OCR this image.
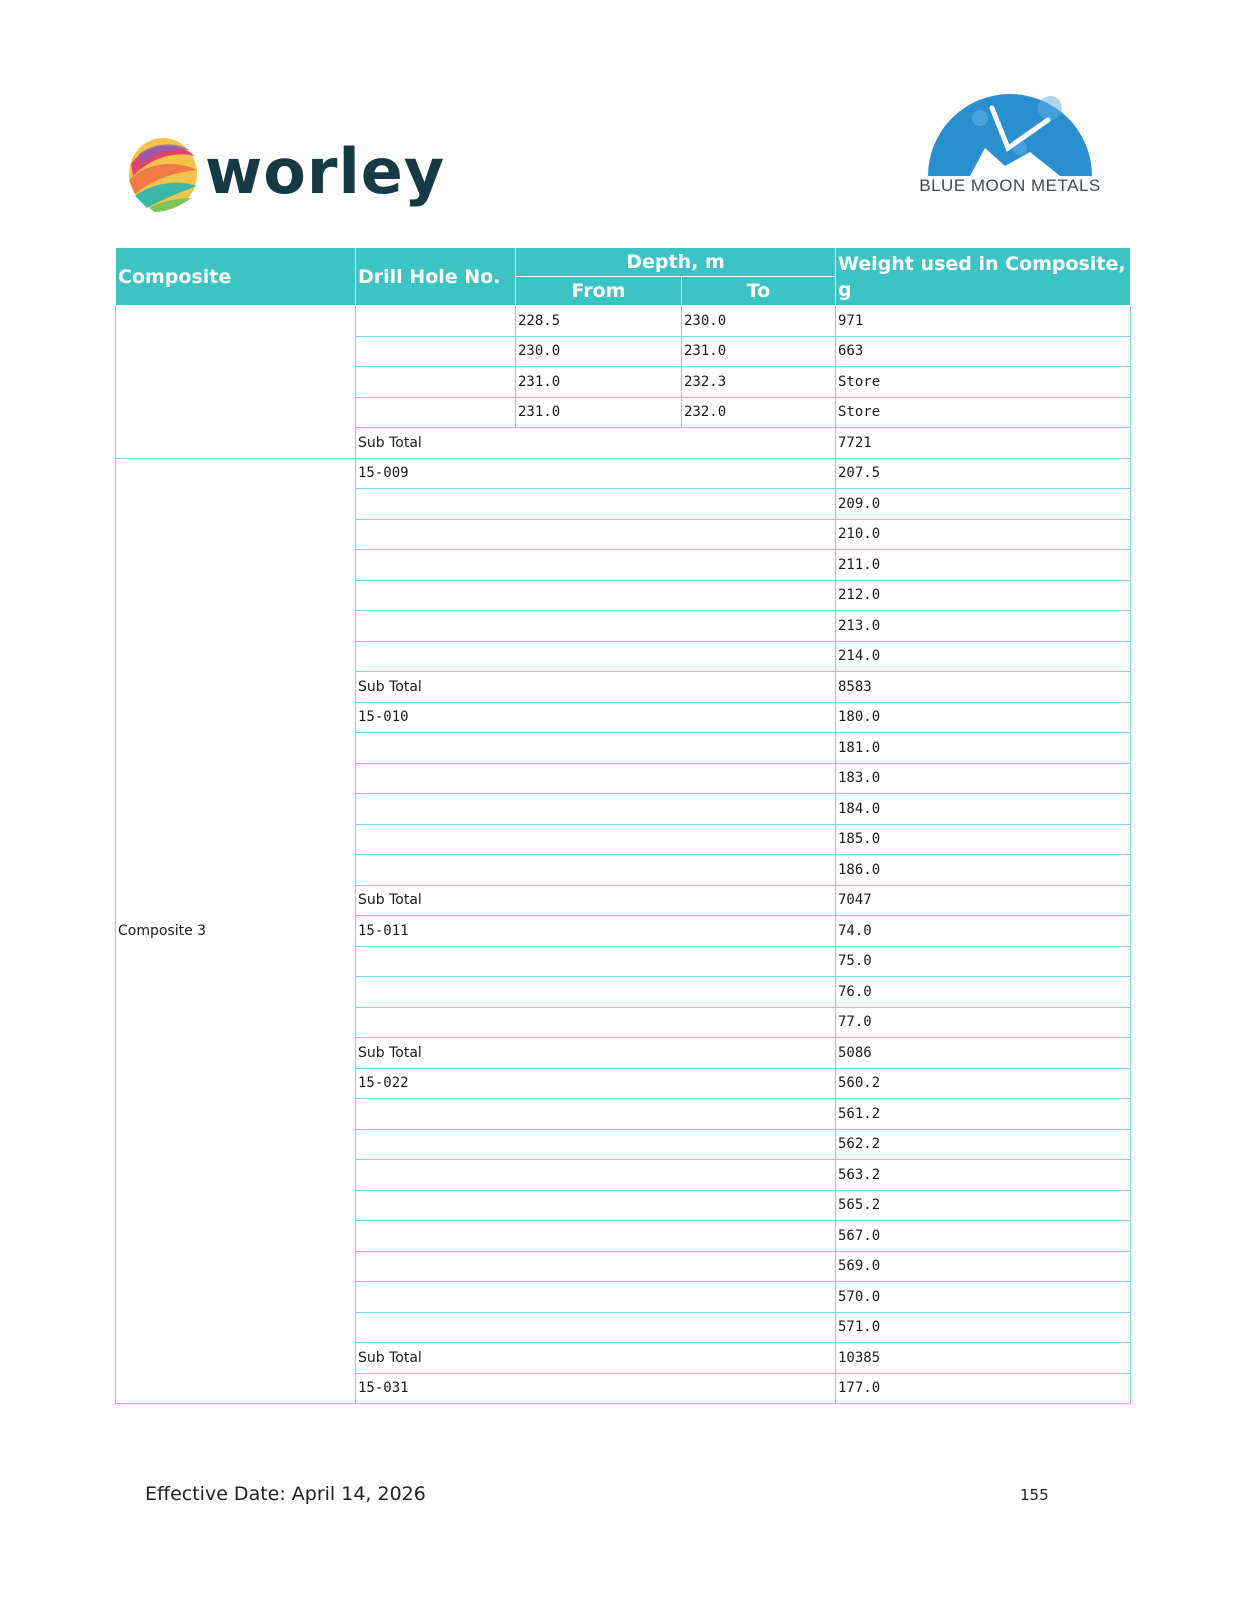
worley	BLUE MOON METALS
Composite	Drill Hole No.	Depth, m		Weight used in Composite, g
		From	To	
		228.5	230.0	971
		230.0	231.0	663
		231.0	232.3	Store
		231.0	232.0	Store
	Sub Total			7721
Composite 3	15-009			207.5
				209.0
				210.0
				211.0
				212.0
				213.0
				214.0
	Sub Total			8583
	15-010			180.0
				181.0
				183.0
				184.0
				185.0
				186.0
	Sub Total			7047
	15-011			74.0
				75.0
				76.0
				77.0
	Sub Total			5086
	15-022			560.2
				561.2
				562.2
				563.2
				565.2
				567.0
				569.0
				570.0
				571.0
	Sub Total			10385
	15-031			177.0
Effective Date: April 14, 2026	155
